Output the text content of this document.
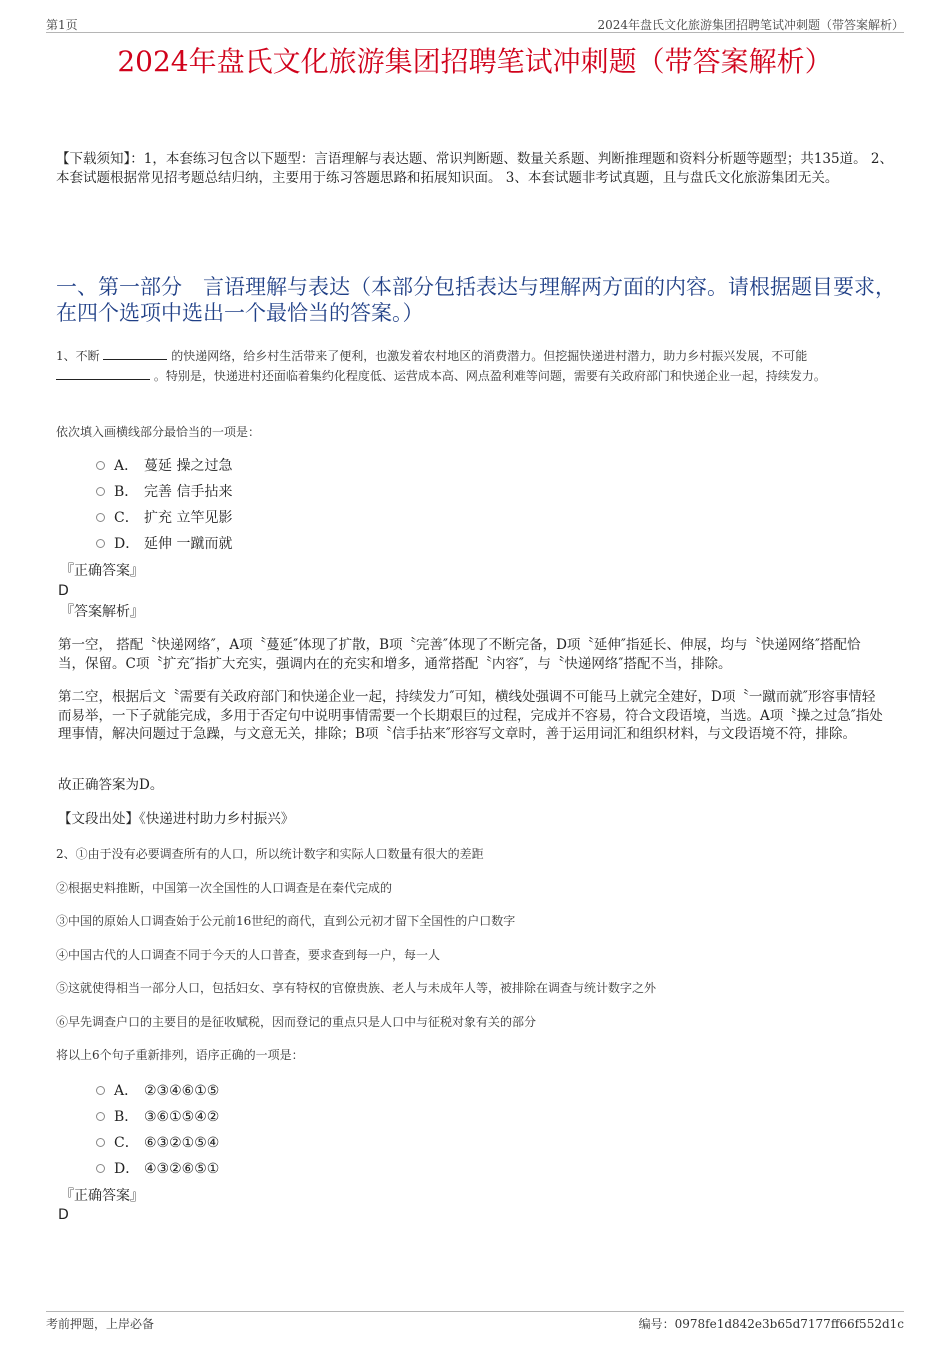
第1页	2024年盘氏文化旅游集团招聘笔试冲刺题（带答案解析）
2024年盘氏文化旅游集团招聘笔试冲刺题（带答案解析）
【下载须知】：1，本套练习包含以下题型：言语理解与表达题、常识判断题、数量关系题、判断推理题和资料分析题等题型；共135道。 2、本套试题根据常见招考题总结归纳，主要用于练习答题思路和拓展知识面。 3、本套试题非考试真题，且与盘氏文化旅游集团无关。
一、第一部分　言语理解与表达（本部分包括表达与理解两方面的内容。请根据题目要求，在四个选项中选出一个最恰当的答案。）
1、不断	的快递网络，给乡村生活带来了便利，也激发着农村地区的消费潜力。但挖掘快递进村潜力，助力乡村振兴发展，不可能  。特别是，快递进村还面临着集约化程度低、运营成本高、网点盈利难等问题，需要有关政府部门和快递企业一起，持续发力。
依次填入画横线部分最恰当的一项是：
A． 蔓延 操之过急
B． 完善 信手拈来
C． 扩充 立竿见影
D． 延伸 一蹴而就
『正确答案』
D
『答案解析』
第一空， 搭配〝快递网络″，A项〝蔓延″体现了扩散，B项〝完善″体现了不断完备，D项〝延伸″指延长、伸展，均与〝快递网络″搭配恰当，保留。C项〝扩充″指扩大充实，强调内在的充实和增多，通常搭配〝内容″，与〝快递网络″搭配不当，排除。
第二空，根据后文〝需要有关政府部门和快递企业一起，持续发力″可知，横线处强调不可能马上就完全建好，D项〝一蹴而就″形容事情轻而易举，一下子就能完成，多用于否定句中说明事情需要一个长期艰巨的过程，完成并不容易，符合文段语境，当选。A项〝操之过急″指处理事情，解决问题过于急躁，与文意无关，排除；B项〝信手拈来″形容写文章时，善于运用词汇和组织材料，与文段语境不符，排除。
故正确答案为D。
【文段出处】《快递进村助力乡村振兴》
2、①由于没有必要调查所有的人口，所以统计数字和实际人口数量有很大的差距
②根据史料推断，中国第一次全国性的人口调查是在秦代完成的
③中国的原始人口调查始于公元前16世纪的商代，直到公元初才留下全国性的户口数字
④中国古代的人口调查不同于今天的人口普查，要求查到每一户，每一人
⑤这就使得相当一部分人口，包括妇女、享有特权的官僚贵族、老人与未成年人等，被排除在调查与统计数字之外
⑥早先调查户口的主要目的是征收赋税，因而登记的重点只是人口中与征税对象有关的部分
将以上6个句子重新排列，语序正确的一项是：
A． ②③④⑥①⑤
B． ③⑥①⑤④②
C． ⑥③②①⑤④
D． ④③②⑥⑤①
『正确答案』
D
考前押题，上岸必备	编号：0978fe1d842e3b65d7177ff66f552d1c
